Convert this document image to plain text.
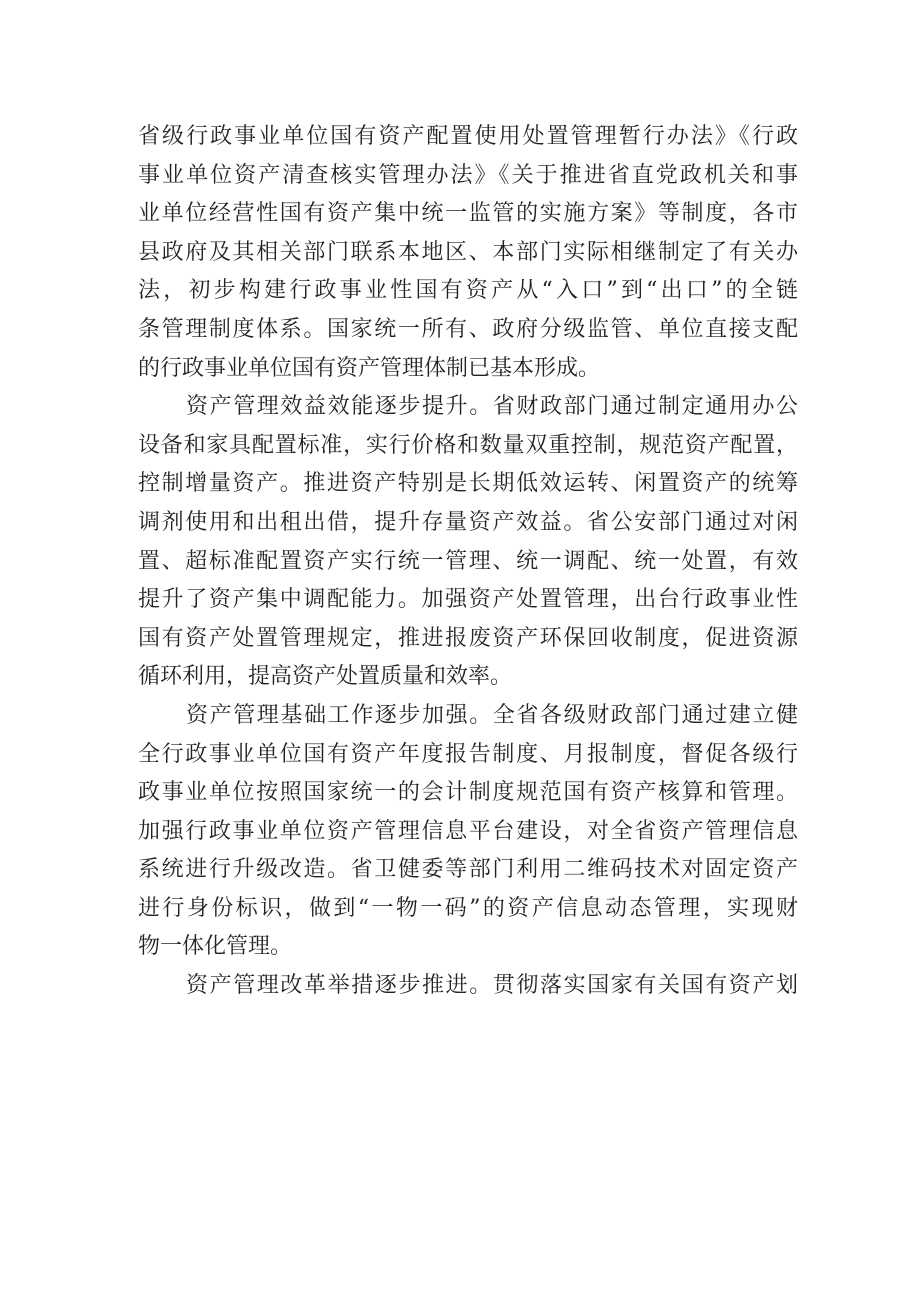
省级行政事业单位国有资产配置使用处置管理暂行办法》《行政
事业单位资产清查核实管理办法》《关于推进省直党政机关和事
业单位经营性国有资产集中统一监管的实施方案》等制度，各市
县政府及其相关部门联系本地区、本部门实际相继制定了有关办
法，初步构建行政事业性国有资产从“入口”到“出口”的全链
条管理制度体系。国家统一所有、政府分级监管、单位直接支配
的行政事业单位国有资产管理体制已基本形成。
资产管理效益效能逐步提升。省财政部门通过制定通用办公
设备和家具配置标准，实行价格和数量双重控制，规范资产配置，
控制增量资产。推进资产特别是长期低效运转、闲置资产的统筹
调剂使用和出租出借，提升存量资产效益。省公安部门通过对闲
置、超标准配置资产实行统一管理、统一调配、统一处置，有效
提升了资产集中调配能力。加强资产处置管理，出台行政事业性
国有资产处置管理规定，推进报废资产环保回收制度，促进资源
循环利用，提高资产处置质量和效率。
资产管理基础工作逐步加强。全省各级财政部门通过建立健
全行政事业单位国有资产年度报告制度、月报制度，督促各级行
政事业单位按照国家统一的会计制度规范国有资产核算和管理。
加强行政事业单位资产管理信息平台建设，对全省资产管理信息
系统进行升级改造。省卫健委等部门利用二维码技术对固定资产
进行身份标识，做到“一物一码”的资产信息动态管理，实现财
物一体化管理。
资产管理改革举措逐步推进。贯彻落实国家有关国有资产划
